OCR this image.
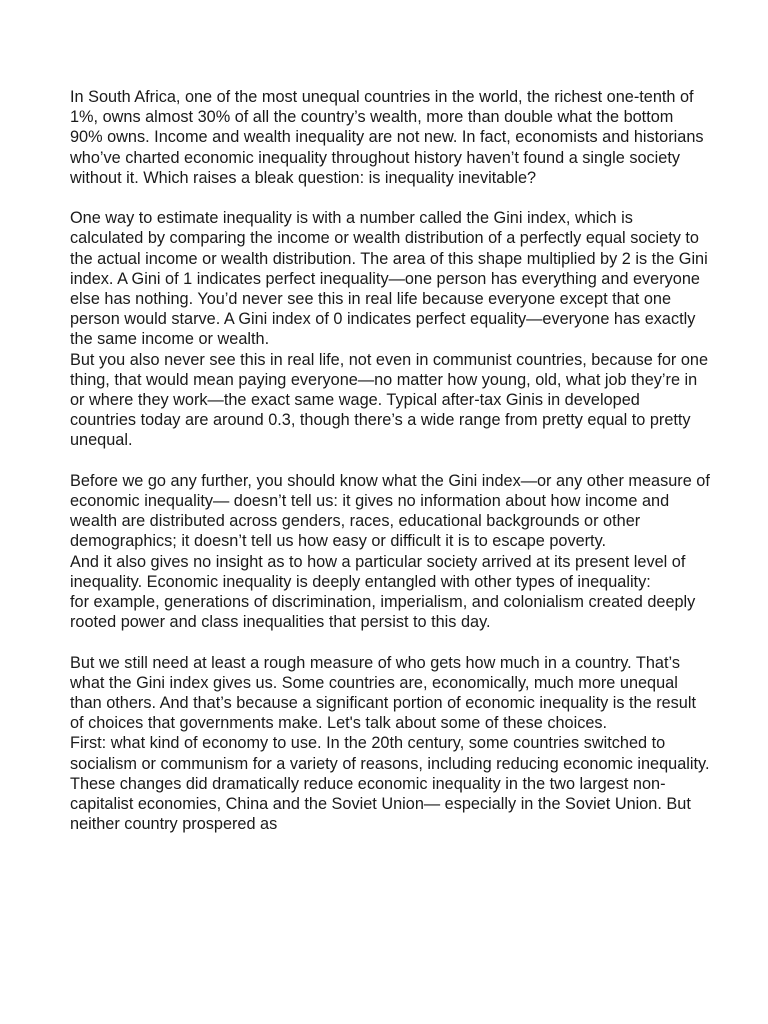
In South Africa, one of the most unequal countries in the world, the richest one-tenth of 1%, owns almost 30% of all the country’s wealth, more than double what the bottom 90% owns. Income and wealth inequality are not new. In fact, economists and historians who’ve charted economic inequality throughout history haven’t found a single society without it. Which raises a bleak question: is inequality inevitable?

One way to estimate inequality is with a number called the Gini index, which is calculated by comparing the income or wealth distribution of a perfectly equal society to the actual income or wealth distribution. The area of this shape multiplied by 2 is the Gini index. A Gini of 1 indicates perfect inequality—one person has everything and everyone else has nothing. You’d never see this in real life because everyone except that one person would starve. A Gini index of 0 indicates perfect equality—everyone has exactly the same income or wealth.

But you also never see this in real life, not even in communist countries, because for one thing, that would mean paying everyone—no matter how young, old, what job they’re in or where they work—the exact same wage. Typical after-tax Ginis in developed countries today are around 0.3, though there’s a wide range from pretty equal to pretty unequal.

Before we go any further, you should know what the Gini index—or any other measure of economic inequality— doesn’t tell us: it gives no information about how income and wealth are distributed across genders, races, educational backgrounds or other demographics; it doesn’t tell us how easy or difficult it is to escape poverty.

And it also gives no insight as to how a particular society arrived at its present level of inequality. Economic inequality is deeply entangled with other types of inequality:

for example, generations of discrimination, imperialism, and colonialism created deeply rooted power and class inequalities that persist to this day.

But we still need at least a rough measure of who gets how much in a country. That’s what the Gini index gives us. Some countries are, economically, much more unequal than others. And that’s because a significant portion of economic inequality is the result of choices that governments make. Let's talk about some of these choices.

First: what kind of economy to use. In the 20th century, some countries switched to socialism or communism for a variety of reasons, including reducing economic inequality. These changes did dramatically reduce economic inequality in the two largest non-capitalist economies, China and the Soviet Union— especially in the Soviet Union. But neither country prospered as
